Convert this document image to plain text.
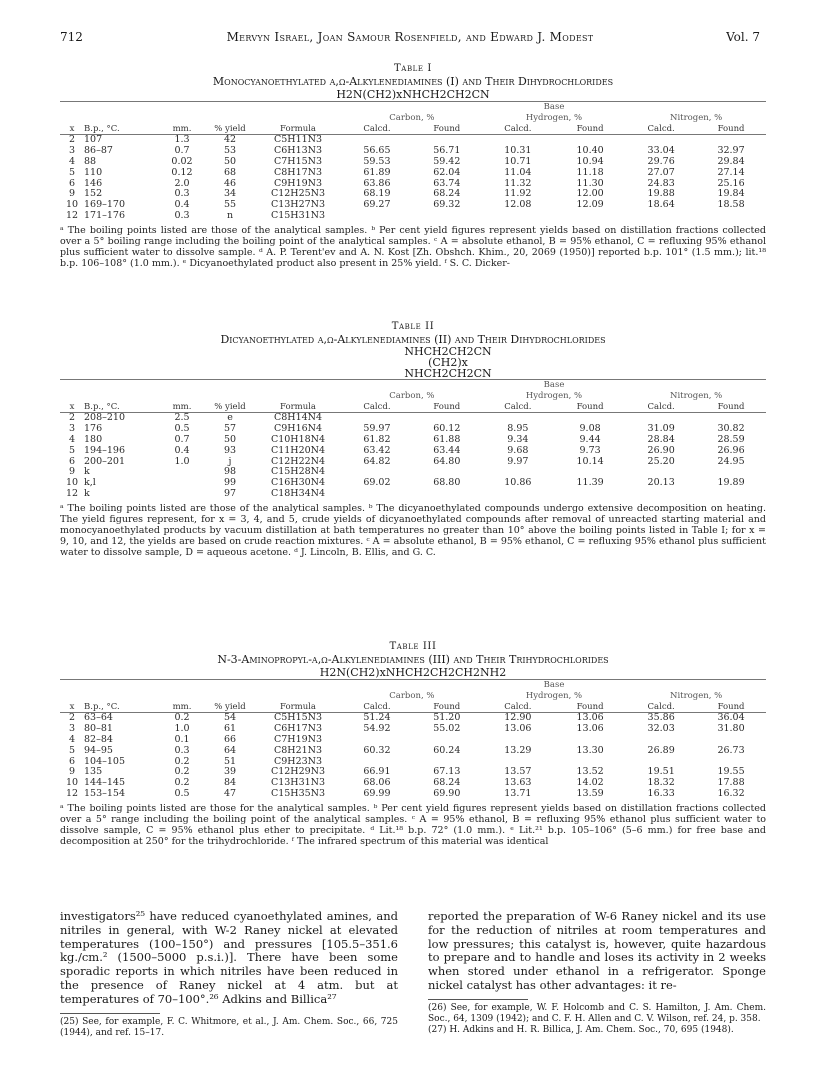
712	Mervyn Israel, Joan Samour Rosenfield, and Edward J. Modest	Vol. 7
Table I
Monocyanoethylated α,ω-Alkylenediamines (I) and Their Dihydrochlorides
H2N(CH2)xNHCH2CH2CN
					Base					
					Carbon, %		Hydrogen, %		Nitrogen, %	
x	B.p., °C.	mm.	% yield	Formula	Calcd.	Found	Calcd.	Found	Calcd.	Found
2	107	1.3	42	C5H11N3						
3	86–87	0.7	53	C6H13N3	56.65	56.71	10.31	10.40	33.04	32.97
4	88	0.02	50	C7H15N3	59.53	59.42	10.71	10.94	29.76	29.84
5	110	0.12	68	C8H17N3	61.89	62.04	11.04	11.18	27.07	27.14
6	146	2.0	46	C9H19N3	63.86	63.74	11.32	11.30	24.83	25.16
9	152	0.3	34	C12H25N3	68.19	68.24	11.92	12.00	19.88	19.84
10	169–170	0.4	55	C13H27N3	69.27	69.32	12.08	12.09	18.64	18.58
12	171–176	0.3	n	C15H31N3						
ᵃ The boiling points listed are those of the analytical samples. ᵇ Per cent yield figures represent yields based on distillation fractions collected over a 5° boiling range including the boiling point of the analytical samples. ᶜ A = absolute ethanol, B = 95% ethanol, C = refluxing 95% ethanol plus sufficient water to dissolve sample. ᵈ A. P. Terent'ev and A. N. Kost [Zh. Obshch. Khim., 20, 2069 (1950)] reported b.p. 101° (1.5 mm.); lit.¹⁸ b.p. 106–108° (1.0 mm.). ᵉ Dicyanoethylated product also present in 25% yield. ᶠ S. C. Dicker-
Table II
Dicyanoethylated α,ω-Alkylenediamines (II) and Their Dihydrochlorides
NHCH2CH2CN
(CH2)x
NHCH2CH2CN
					Base					
					Carbon, %		Hydrogen, %		Nitrogen, %	
x	B.p., °C.	mm.	% yield	Formula	Calcd.	Found	Calcd.	Found	Calcd.	Found
2	208–210	2.5	e	C8H14N4						
3	176	0.5	57	C9H16N4	59.97	60.12	8.95	9.08	31.09	30.82
4	180	0.7	50	C10H18N4	61.82	61.88	9.34	9.44	28.84	28.59
5	194–196	0.4	93	C11H20N4	63.42	63.44	9.68	9.73	26.90	26.96
6	200–201	1.0	j	C12H22N4	64.82	64.80	9.97	10.14	25.20	24.95
9	k		98	C15H28N4						
10	k,l		99	C16H30N4	69.02	68.80	10.86	11.39	20.13	19.89
12	k		97	C18H34N4						
ᵃ The boiling points listed are those of the analytical samples. ᵇ The dicyanoethylated compounds undergo extensive decomposition on heating. The yield figures represent, for x = 3, 4, and 5, crude yields of dicyanoethylated compounds after removal of unreacted starting material and monocyanoethylated products by vacuum distillation at bath temperatures no greater than 10° above the boiling points listed in Table I; for x = 9, 10, and 12, the yields are based on crude reaction mixtures. ᶜ A = absolute ethanol, B = 95% ethanol, C = refluxing 95% ethanol plus sufficient water to dissolve sample, D = aqueous acetone. ᵈ J. Lincoln, B. Ellis, and G. C.
Table III
N-3-Aminopropyl-α,ω-Alkylenediamines (III) and Their Trihydrochlorides
H2N(CH2)xNHCH2CH2CH2NH2
					Base					
					Carbon, %		Hydrogen, %		Nitrogen, %	
x	B.p., °C.	mm.	% yield	Formula	Calcd.	Found	Calcd.	Found	Calcd.	Found
2	63–64	0.2	54	C5H15N3	51.24	51.20	12.90	13.06	35.86	36.04
3	80–81	1.0	61	C6H17N3	54.92	55.02	13.06	13.06	32.03	31.80
4	82–84	0.1	66	C7H19N3						
5	94–95	0.3	64	C8H21N3	60.32	60.24	13.29	13.30	26.89	26.73
6	104–105	0.2	51	C9H23N3						
9	135	0.2	39	C12H29N3	66.91	67.13	13.57	13.52	19.51	19.55
10	144–145	0.2	84	C13H31N3	68.06	68.24	13.63	14.02	18.32	17.88
12	153–154	0.5	47	C15H35N3	69.99	69.90	13.71	13.59	16.33	16.32
ᵃ The boiling points listed are those for the analytical samples. ᵇ Per cent yield figures represent yields based on distillation fractions collected over a 5° range including the boiling point of the analytical samples. ᶜ A = 95% ethanol, B = refluxing 95% ethanol plus sufficient water to dissolve sample, C = 95% ethanol plus ether to precipitate. ᵈ Lit.¹⁸ b.p. 72° (1.0 mm.). ᵉ Lit.²¹ b.p. 105–106° (5–6 mm.) for free base and decomposition at 250° for the trihydrochloride. ᶠ The infrared spectrum of this material was identical
investigators²⁵ have reduced cyanoethylated amines, and nitriles in general, with W-2 Raney nickel at elevated temperatures (100–150°) and pressures [105.5–351.6 kg./cm.² (1500–5000 p.s.i.)]. There have been some sporadic reports in which nitriles have been reduced in the presence of Raney nickel at 4 atm. but at temperatures of 70–100°.²⁶ Adkins and Billica²⁷
(25) See, for example, F. C. Whitmore, et al., J. Am. Chem. Soc., 66, 725 (1944), and ref. 15–17.
reported the preparation of W-6 Raney nickel and its use for the reduction of nitriles at room temperatures and low pressures; this catalyst is, however, quite hazardous to prepare and to handle and loses its activity in 2 weeks when stored under ethanol in a refrigerator. Sponge nickel catalyst has other advantages: it re-
(26) See, for example, W. F. Holcomb and C. S. Hamilton, J. Am. Chem. Soc., 64, 1309 (1942); and C. F. H. Allen and C. V. Wilson, ref. 24, p. 358.
(27) H. Adkins and H. R. Billica, J. Am. Chem. Soc., 70, 695 (1948).
